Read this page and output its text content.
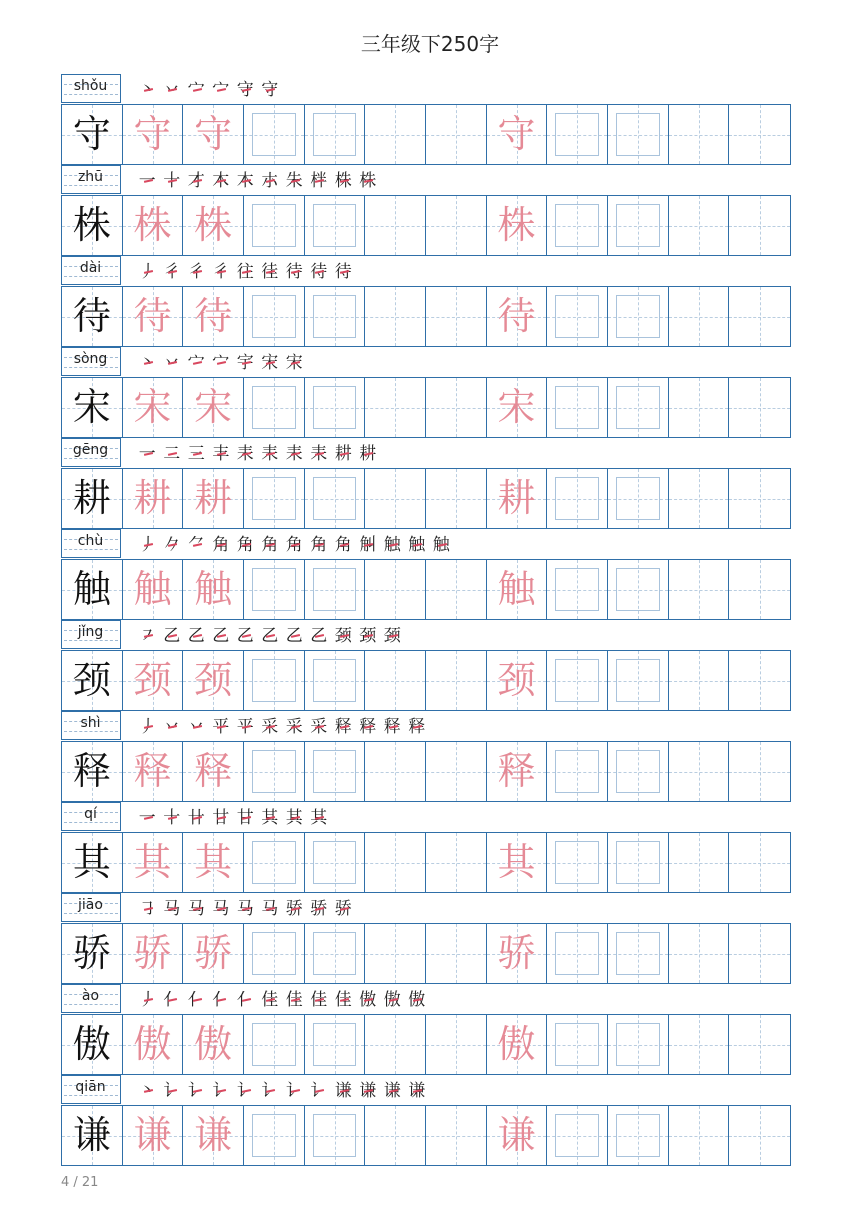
三年级下250字
shǒu	丶 丷 宀 宀 守 守
守 守 守	守
zhū	一 十 才 木 木 朩 朱 柈 株 株
株 株 株	株
dài	丿 彳 彳 彳 往 徍 待 待 待
待 待 待	待
sòng	丶 丷 宀 宀 宇 宋 宋
宋 宋 宋	宋
gēng	一 二 三 丰 耒 耒 耒 耒 耕 耕
耕 耕 耕	耕
chù	丿 𠂊 ⺈ 角 角 角 角 角 角 觓 触 触 触
触 触 触	触
jǐng	㇇ 乙 乙 乙 乙 乙 乙 乙 颈 颈 颈
颈 颈 颈	颈
shì	丿 丷 丷 平 平 采 采 采 释 释 释 释
释 释 释	释
qí	一 十 卄 廿 甘 其 其 其
其 其 其	其
jiāo	㇆ 马 马 马 马 马 骄 骄 骄
骄 骄 骄	骄
ào	丿 亻 亻 亻 亻 佳 佳 佳 佳 傲 傲 傲
傲 傲 傲	傲
qiān	丶 讠 讠 讠 讠 讠 讠 讠 谦 谦 谦 谦
谦 谦 谦	谦
4 / 21
